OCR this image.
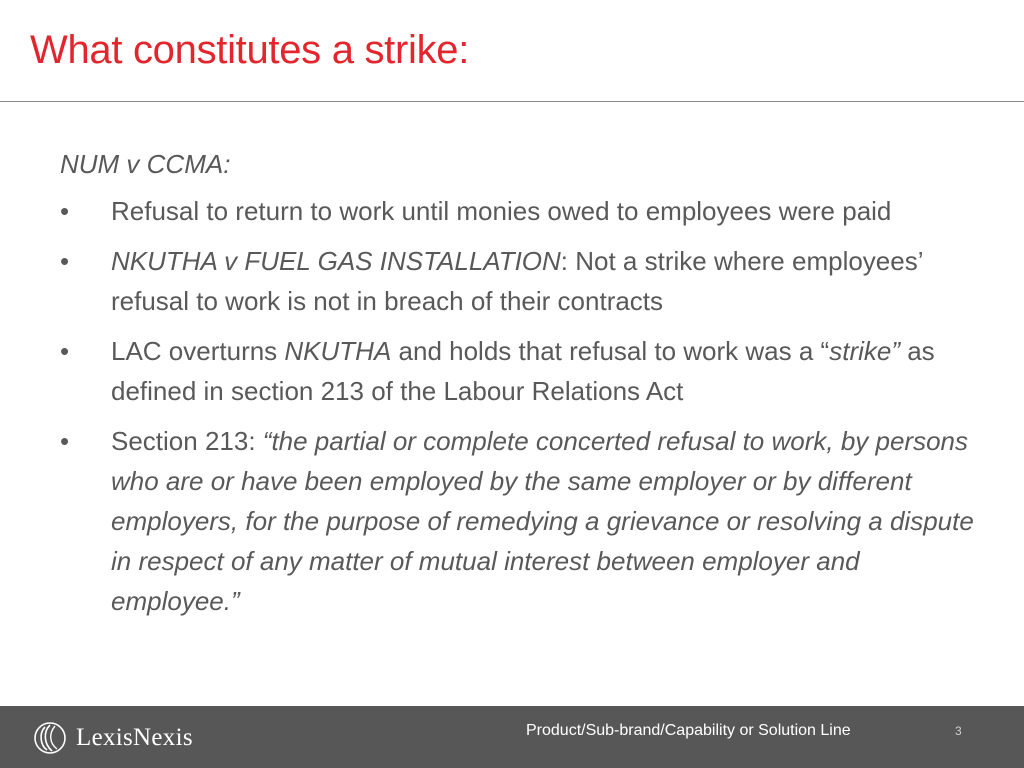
What constitutes a strike:

NUM v CCMA:

• Refusal to return to work until monies owed to employees were paid
• NKUTHA v FUEL GAS INSTALLATION: Not a strike where employees’ refusal to work is not in breach of their contracts
• LAC overturns NKUTHA and holds that refusal to work was a “strike” as defined in section 213 of the Labour Relations Act
• Section 213: “the partial or complete concerted refusal to work, by persons who are or have been employed by the same employer or by different employers, for the purpose of remedying a grievance or resolving a dispute in respect of any matter of mutual interest between employer and employee.”
LexisNexis	Product/Sub-brand/Capability or Solution Line	3
